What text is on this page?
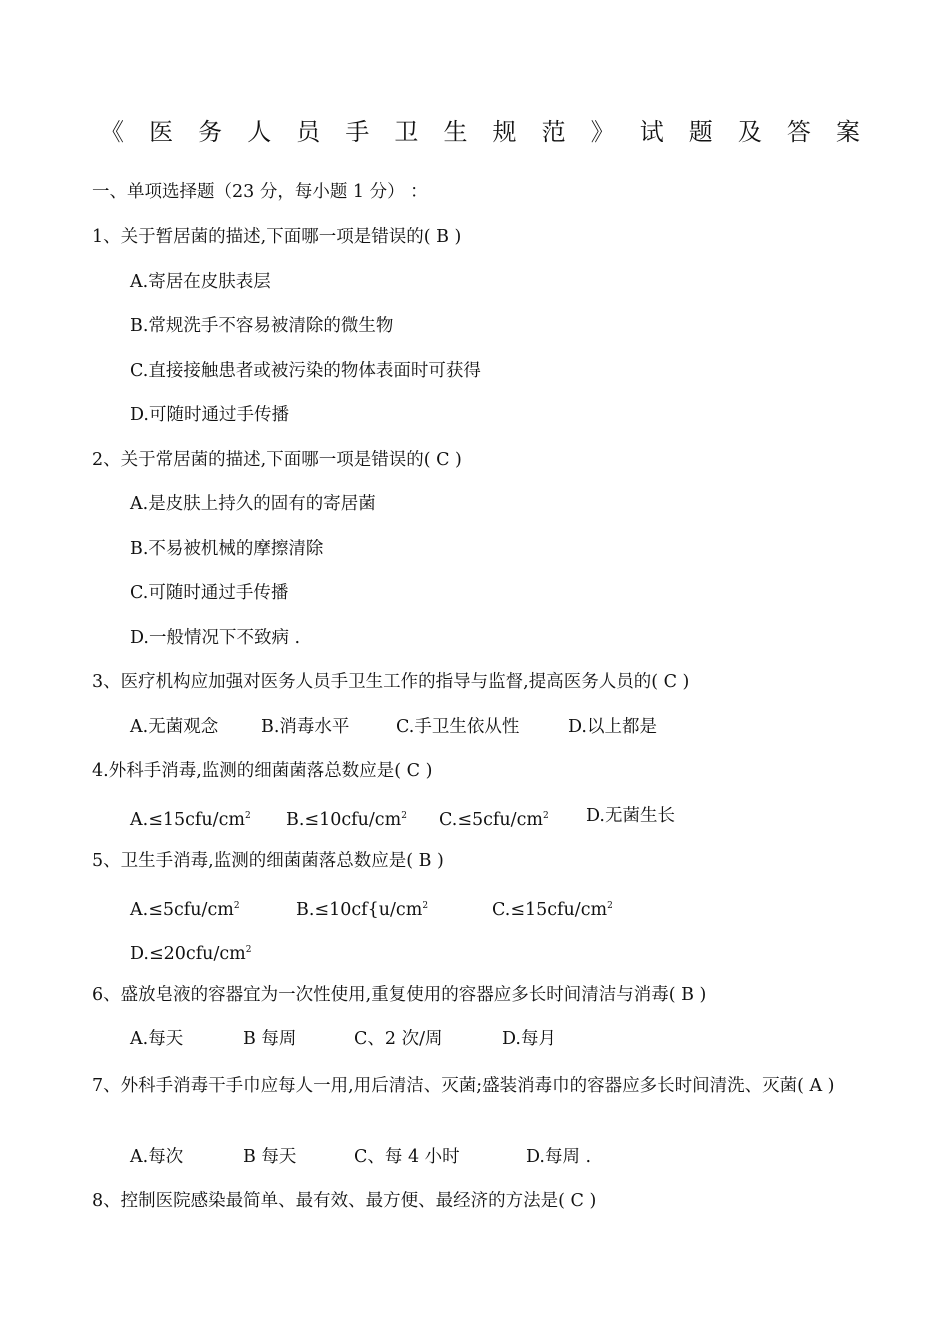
《 医 务 人 员 手 卫 生 规 范 》 试 题 及 答 案
一、单项选择题（23 分，每小题 1 分） ：
1、关于暂居菌的描述,下面哪一项是错误的( B )
A.寄居在皮肤表层
B.常规洗手不容易被清除的微生物
C.直接接触患者或被污染的物体表面时可获得
D.可随时通过手传播
2、关于常居菌的描述,下面哪一项是错误的( C )
A.是皮肤上持久的固有的寄居菌
B.不易被机械的摩擦清除
C.可随时通过手传播
D.一般情况下不致病 .
3、医疗机构应加强对医务人员手卫生工作的指导与监督,提高医务人员的( C )
A.无菌观念 B.消毒水平	C.手卫生依从性	D.以上都是
4.外科手消毒,监测的细菌菌落总数应是( C )
$A.\le 15cfu/cm^2$ $B.\le 10cfu/cm^2$ $C.\le 5cfu/cm^2$ D.无菌生长
5、卫生手消毒,监测的细菌菌落总数应是( B )
$A.\le 5cfu/cm^2$	$B.\le 10cf\{u/cm^2$	$C.\le 15cfu/cm^2$
$D.\le 20cfu/cm^2$
6、盛放皂液的容器宜为一次性使用,重复使用的容器应多长时间清洁与消毒( B )
A.每天	B 每周	C、2 次/周	D.每月
7、外科手消毒干手巾应每人一用,用后清洁、灭菌;盛装消毒巾的容器应多长时间清洗、灭菌( A )
A.每次	B 每天	C、每 4 小时	D.每周 .
8、控制医院感染最简单、最有效、最方便、最经济的方法是( C )
